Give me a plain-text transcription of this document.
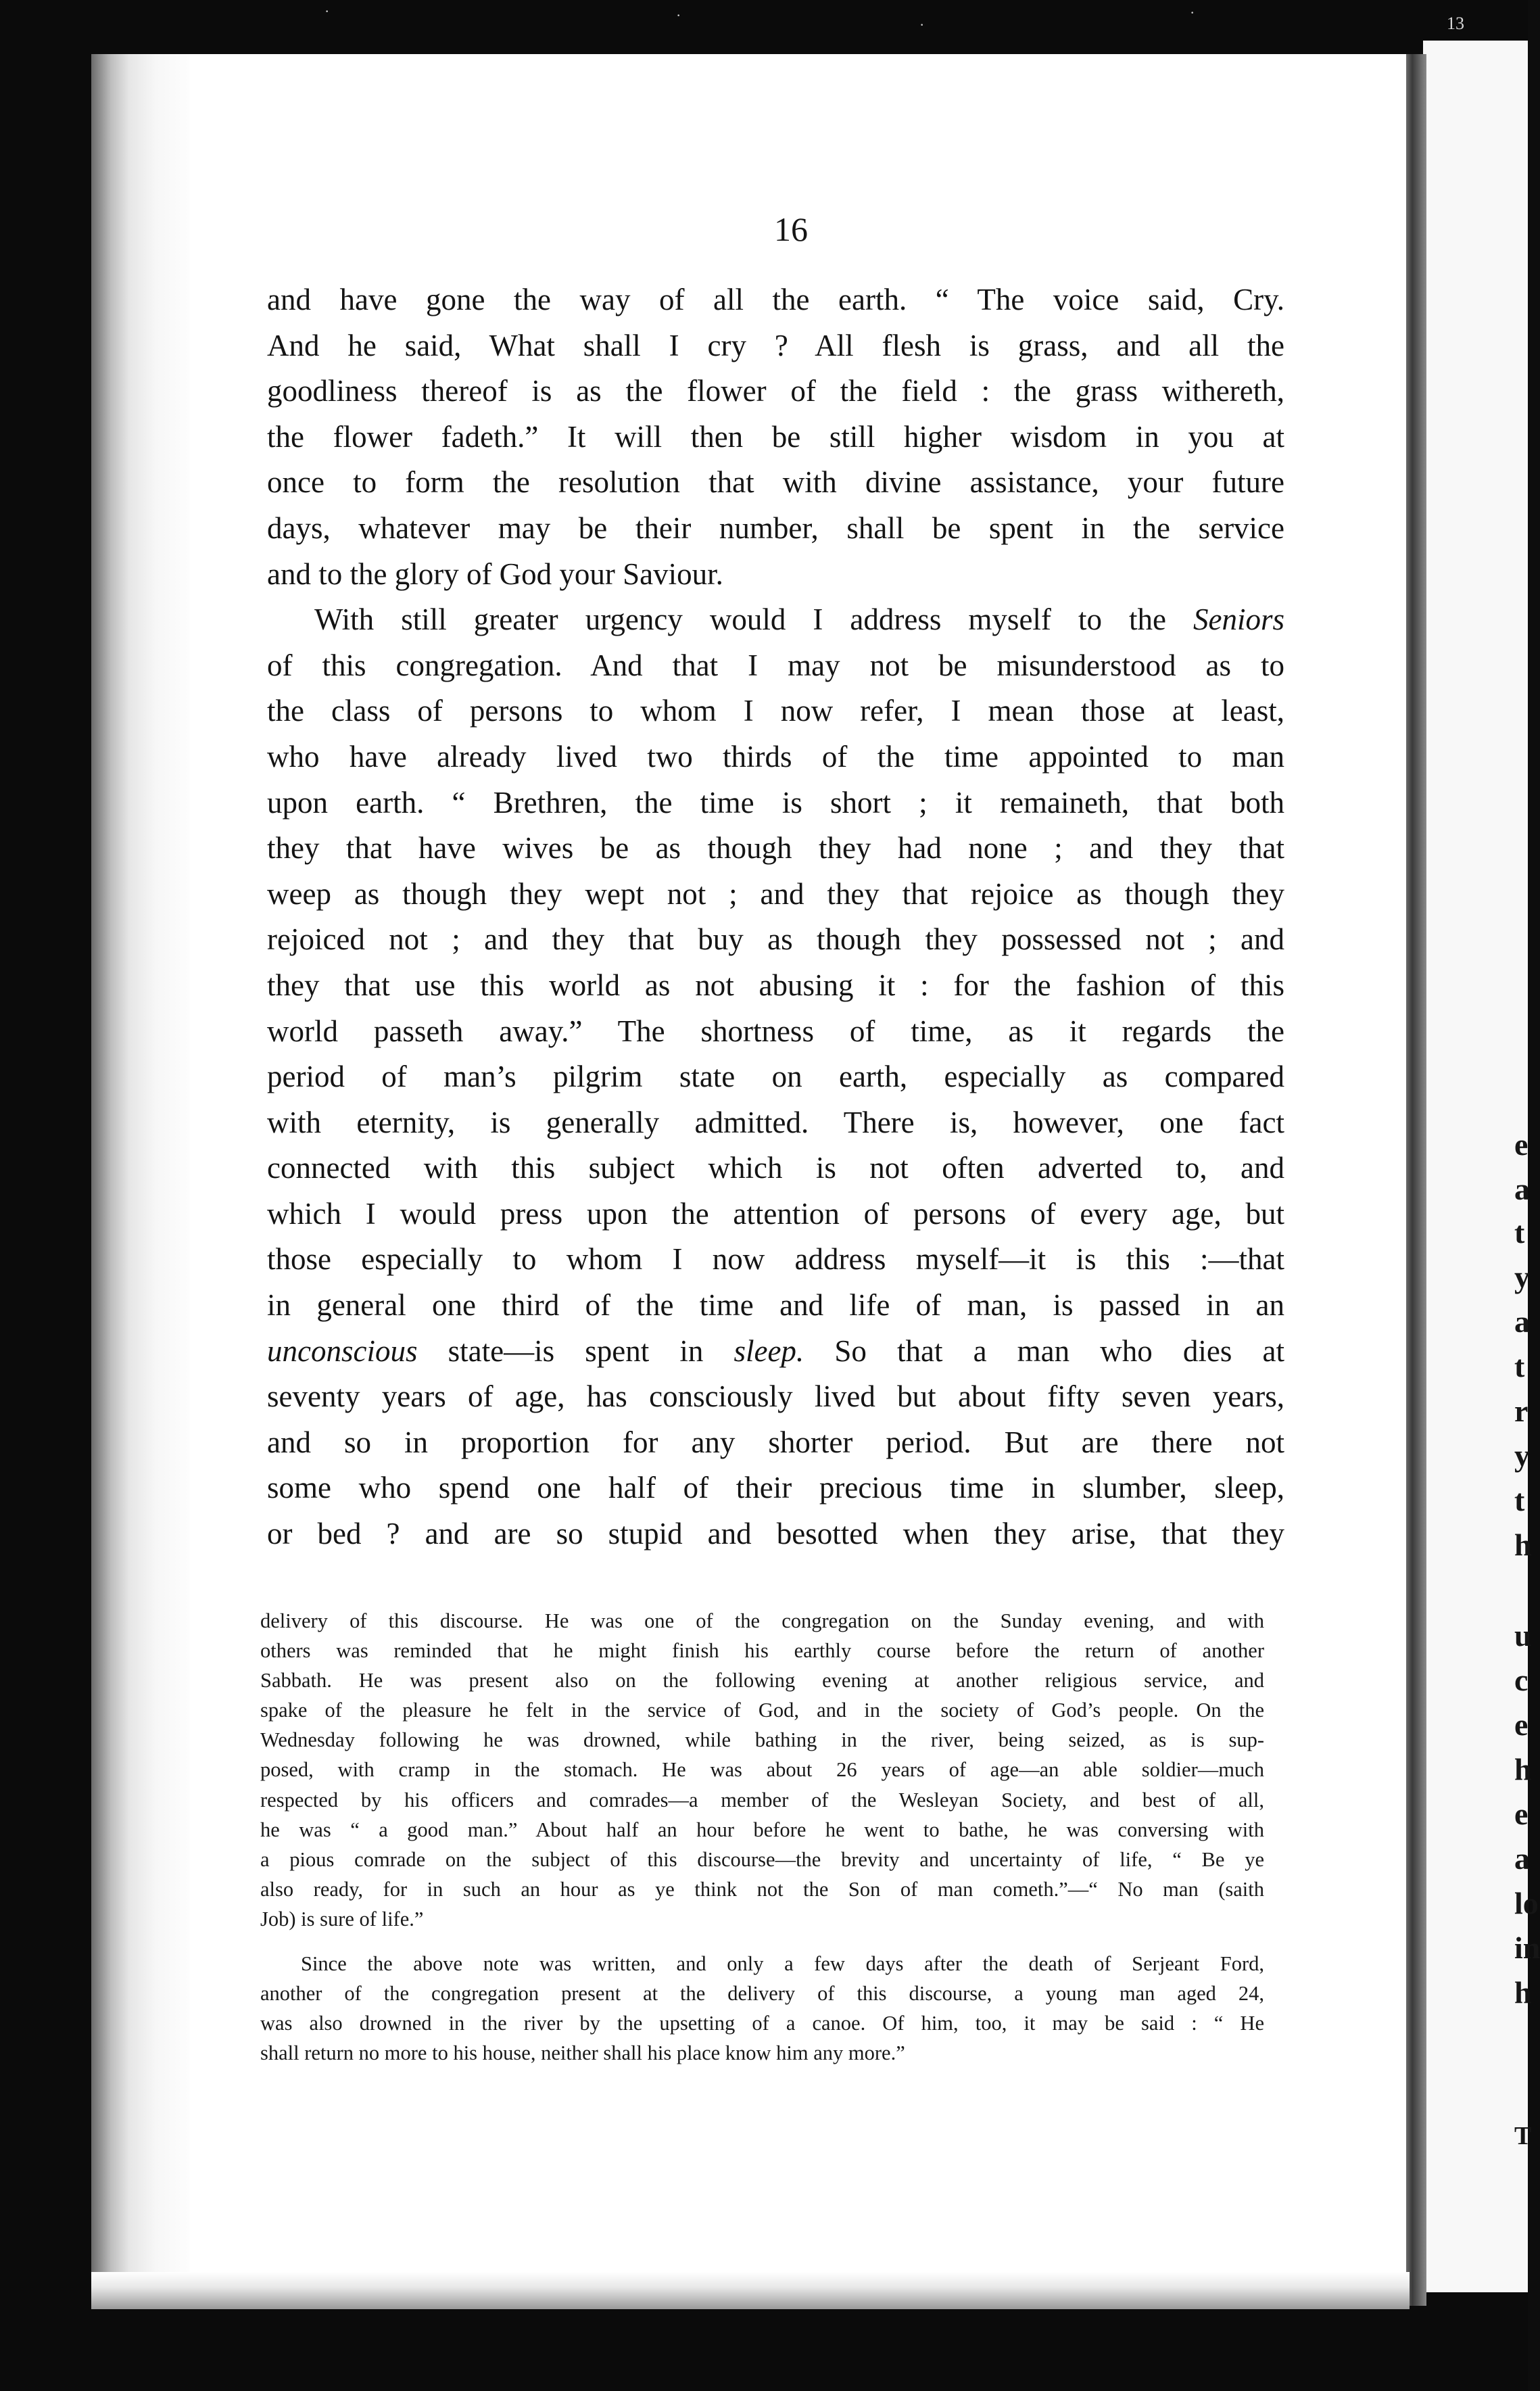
·	·
·
·
13
e
a
t
y
a
t
r
y
t
h
u
c
e
h
e
a
lo
in
h
T
16
and have gone the way of all the earth. “ The voice said, Cry.
And he said, What shall I cry ? All flesh is grass, and all the
goodliness thereof is as the flower of the field : the grass withereth,
the flower fadeth.” It will then be still higher wisdom in you at
once to form the resolution that with divine assistance, your future
days, whatever may be their number, shall be spent in the service
and to the glory of God your Saviour.
With still greater urgency would I address myself to the Seniors
of this congregation. And that I may not be misunderstood as to
the class of persons to whom I now refer, I mean those at least,
who have already lived two thirds of the time appointed to man
upon earth. “ Brethren, the time is short ; it remaineth, that both
they that have wives be as though they had none ; and they that
weep as though they wept not ; and they that rejoice as though they
rejoiced not ; and they that buy as though they possessed not ; and
they that use this world as not abusing it : for the fashion of this
world passeth away.” The shortness of time, as it regards the
period of man’s pilgrim state on earth, especially as compared
with eternity, is generally admitted. There is, however, one fact
connected with this subject which is not often adverted to, and
which I would press upon the attention of persons of every age, but
those especially to whom I now address myself—it is this :—that
in general one third of the time and life of man, is passed in an
unconscious state—is spent in sleep. So that a man who dies at
seventy years of age, has consciously lived but about fifty seven years,
and so in proportion for any shorter period. But are there not
some who spend one half of their precious time in slumber, sleep,
or bed ? and are so stupid and besotted when they arise, that they
delivery of this discourse. He was one of the congregation on the Sunday evening, and with
others was reminded that he might finish his earthly course before the return of another
Sabbath. He was present also on the following evening at another religious service, and
spake of the pleasure he felt in the service of God, and in the society of God’s people. On the
Wednesday following he was drowned, while bathing in the river, being seized, as is sup-
posed, with cramp in the stomach. He was about 26 years of age—an able soldier—much
respected by his officers and comrades—a member of the Wesleyan Society, and best of all,
he was “ a good man.” About half an hour before he went to bathe, he was conversing with
a pious comrade on the subject of this discourse—the brevity and uncertainty of life, “ Be ye
also ready, for in such an hour as ye think not the Son of man cometh.”—“ No man (saith
Job) is sure of life.”
Since the above note was written, and only a few days after the death of Serjeant Ford,
another of the congregation present at the delivery of this discourse, a young man aged 24,
was also drowned in the river by the upsetting of a canoe. Of him, too, it may be said : “ He
shall return no more to his house, neither shall his place know him any more.”
